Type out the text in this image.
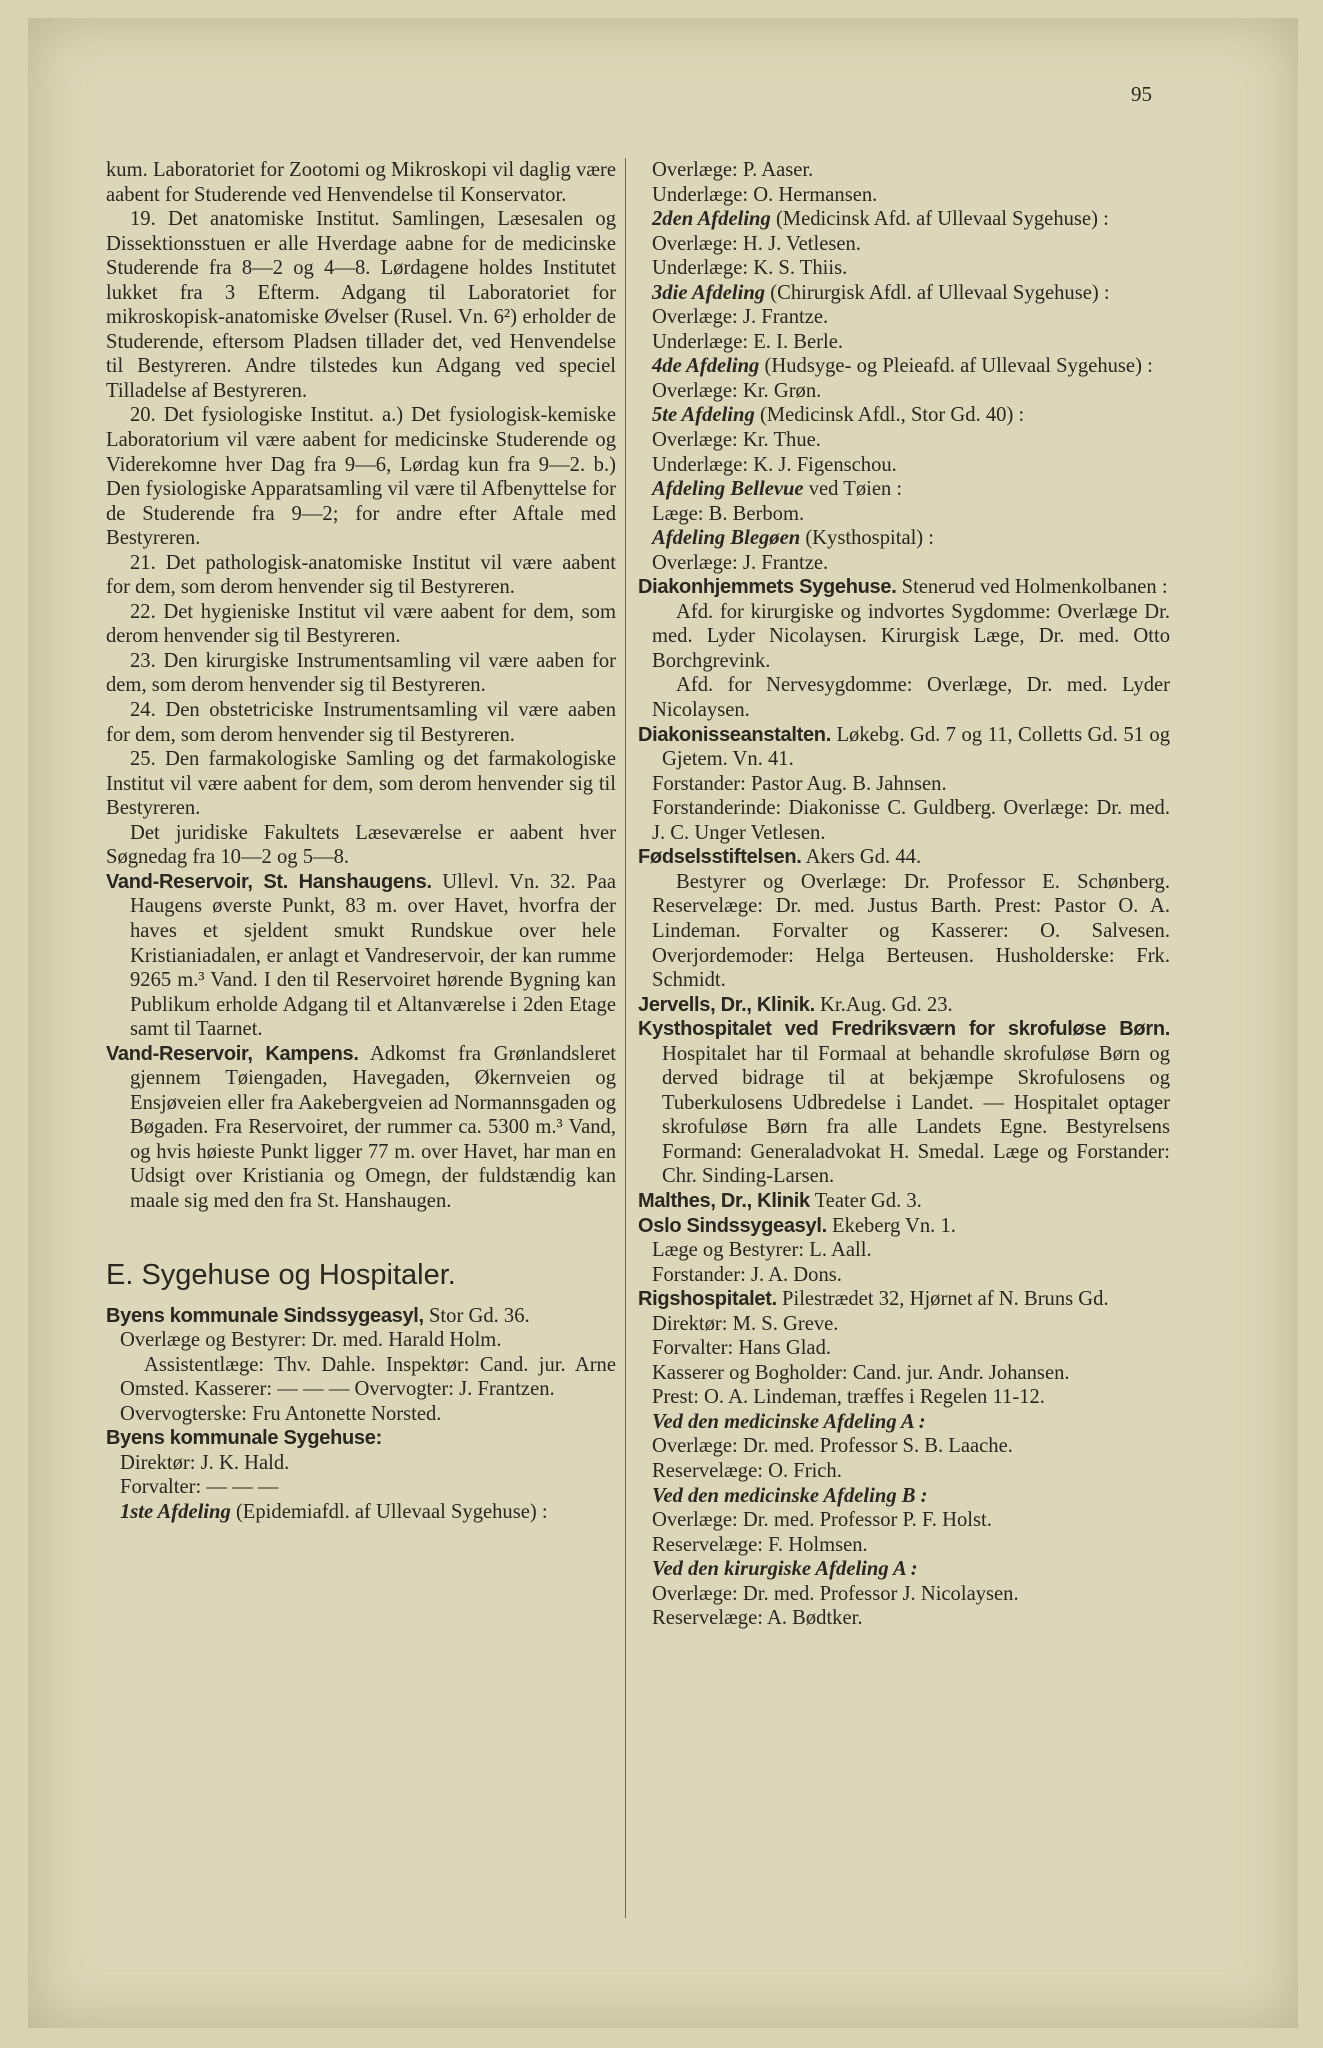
95

kum. Laboratoriet for Zootomi og Mikroskopi vil daglig være aabent for Studerende ved Henvendelse til Konservator.

19. Det anatomiske Institut. Samlingen, Læsesalen og Dissektionsstuen er alle Hverdage aabne for de medicinske Studerende fra 8—2 og 4—8. Lørdagene holdes Institutet lukket fra 3 Efterm. Adgang til Laboratoriet for mikroskopisk-anatomiske Øvelser (Rusel. Vn. 6²) erholder de Studerende, eftersom Pladsen tillader det, ved Henvendelse til Bestyreren. Andre tilstedes kun Adgang ved speciel Tilladelse af Bestyreren.

20. Det fysiologiske Institut. a.) Det fysiologisk-kemiske Laboratorium vil være aabent for medicinske Studerende og Viderekomne hver Dag fra 9—6, Lørdag kun fra 9—2. b.) Den fysiologiske Apparatsamling vil være til Afbenyttelse for de Studerende fra 9—2; for andre efter Aftale med Bestyreren.

21. Det pathologisk-anatomiske Institut vil være aabent for dem, som derom henvender sig til Bestyreren.

22. Det hygieniske Institut vil være aabent for dem, som derom henvender sig til Bestyreren.

23. Den kirurgiske Instrumentsamling vil være aaben for dem, som derom henvender sig til Bestyreren.

24. Den obstetriciske Instrumentsamling vil være aaben for dem, som derom henvender sig til Bestyreren.

25. Den farmakologiske Samling og det farmakologiske Institut vil være aabent for dem, som derom henvender sig til Bestyreren.

Det juridiske Fakultets Læseværelse er aabent hver Søgnedag fra 10—2 og 5—8.

Vand-Reservoir, St. Hanshaugens. Ullevl. Vn. 32. Paa Haugens øverste Punkt, 83 m. over Havet, hvorfra der haves et sjeldent smukt Rundskue over hele Kristianiadalen, er anlagt et Vandreservoir, der kan rumme 9265 m.³ Vand. I den til Reservoiret hørende Bygning kan Publikum erholde Adgang til et Altanværelse i 2den Etage samt til Taarnet.

Vand-Reservoir, Kampens. Adkomst fra Grønlandsleret gjennem Tøiengaden, Havegaden, Økernveien og Ensjøveien eller fra Aakebergveien ad Normannsgaden og Bøgaden. Fra Reservoiret, der rummer ca. 5300 m.³ Vand, og hvis høieste Punkt ligger 77 m. over Havet, har man en Udsigt over Kristiania og Omegn, der fuldstændig kan maale sig med den fra St. Hanshaugen.

E. Sygehuse og Hospitaler.

Byens kommunale Sindssygeasyl, Stor Gd. 36.

Overlæge og Bestyrer: Dr. med. Harald Holm.

Assistentlæge: Thv. Dahle. Inspektør: Cand. jur. Arne Omsted. Kasserer: — — — Overvogter: J. Frantzen.

Overvogterske: Fru Antonette Norsted.

Byens kommunale Sygehuse:

Direktør: J. K. Hald.

Forvalter: — — —

1ste Afdeling (Epidemiafdl. af Ullevaal Sygehuse) :

Overlæge: P. Aaser.

Underlæge: O. Hermansen.

2den Afdeling (Medicinsk Afd. af Ullevaal Sygehuse) :

Overlæge: H. J. Vetlesen.

Underlæge: K. S. Thiis.

3die Afdeling (Chirurgisk Afdl. af Ullevaal Sygehuse) :

Overlæge: J. Frantze.

Underlæge: E. I. Berle.

4de Afdeling (Hudsyge- og Pleieafd. af Ullevaal Sygehuse) :

Overlæge: Kr. Grøn.

5te Afdeling (Medicinsk Afdl., Stor Gd. 40) :

Overlæge: Kr. Thue.

Underlæge: K. J. Figenschou.

Afdeling Bellevue ved Tøien :

Læge: B. Berbom.

Afdeling Blegøen (Kysthospital) :

Overlæge: J. Frantze.

Diakonhjemmets Sygehuse. Stenerud ved Holmenkolbanen :

Afd. for kirurgiske og indvortes Sygdomme: Overlæge Dr. med. Lyder Nicolaysen. Kirurgisk Læge, Dr. med. Otto Borchgrevink.

Afd. for Nervesygdomme: Overlæge, Dr. med. Lyder Nicolaysen.

Diakonisseanstalten. Løkebg. Gd. 7 og 11, Colletts Gd. 51 og Gjetem. Vn. 41.

Forstander: Pastor Aug. B. Jahnsen.

Forstanderinde: Diakonisse C. Guldberg. Overlæge: Dr. med. J. C. Unger Vetlesen.

Fødselsstiftelsen. Akers Gd. 44.

Bestyrer og Overlæge: Dr. Professor E. Schønberg. Reservelæge: Dr. med. Justus Barth. Prest: Pastor O. A. Lindeman. Forvalter og Kasserer: O. Salvesen. Overjordemoder: Helga Berteusen. Husholderske: Frk. Schmidt.

Jervells, Dr., Klinik. Kr.Aug. Gd. 23.

Kysthospitalet ved Fredriksværn for skrofuløse Børn. Hospitalet har til Formaal at behandle skrofuløse Børn og derved bidrage til at bekjæmpe Skrofulosens og Tuberkulosens Udbredelse i Landet. — Hospitalet optager skrofuløse Børn fra alle Landets Egne. Bestyrelsens Formand: Generaladvokat H. Smedal. Læge og Forstander: Chr. Sinding-Larsen.

Malthes, Dr., Klinik Teater Gd. 3.

Oslo Sindssygeasyl. Ekeberg Vn. 1.

Læge og Bestyrer: L. Aall.

Forstander: J. A. Dons.

Rigshospitalet. Pilestrædet 32, Hjørnet af N. Bruns Gd.

Direktør: M. S. Greve.

Forvalter: Hans Glad.

Kasserer og Bogholder: Cand. jur. Andr. Johansen.

Prest: O. A. Lindeman, træffes i Regelen 11-12.

Ved den medicinske Afdeling A :

Overlæge: Dr. med. Professor S. B. Laache.

Reservelæge: O. Frich.

Ved den medicinske Afdeling B :

Overlæge: Dr. med. Professor P. F. Holst.

Reservelæge: F. Holmsen.

Ved den kirurgiske Afdeling A :

Overlæge: Dr. med. Professor J. Nicolaysen.

Reservelæge: A. Bødtker.
